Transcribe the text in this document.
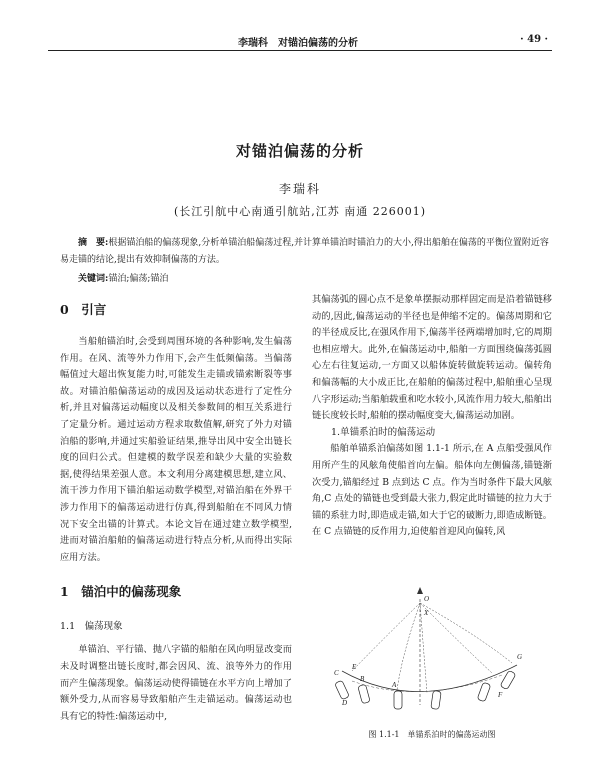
李瑞科　对锚泊偏荡的分析	· 49 ·
对锚泊偏荡的分析
李瑞科
(长江引航中心南通引航站,江苏 南通 226001)
摘　要:根据锚泊船的偏荡现象,分析单锚泊船偏荡过程,并计算单锚泊时锚泊力的大小,得出船舶在偏荡的平衡位置附近容易走锚的结论,提出有效抑制偏荡的方法。
关键词:锚泊;偏荡;锚泊
0　引言

当船舶锚泊时,会受到周围环境的各种影响,发生偏荡作用。在风、流等外力作用下,会产生低频偏荡。当偏荡幅值过大超出恢复能力时,可能发生走锚或锚索断裂等事故。对锚泊船偏荡运动的成因及运动状态进行了定性分析,并且对偏荡运动幅度以及相关参数间的相互关系进行了定量分析。通过运动方程求取数值解,研究了外力对锚泊船的影响,并通过实船验证结果,推导出风中安全出链长度的回归公式。但建模的数学误差和缺少大量的实验数据,使得结果差强人意。本文利用分离建模思想,建立风、流干涉力作用下锚泊船运动数学模型,对锚泊船在外界干涉力作用下的偏荡运动进行仿真,得到船舶在不同风力情况下安全出锚的计算式。本论文旨在通过建立数学模型,进而对锚泊船舶的偏荡运动进行特点分析,从而得出实际应用方法。

1　锚泊中的偏荡现象
1.1　偏荡现象

单锚泊、平行锚、抛八字锚的船舶在风向明显改变而未及时调整出链长度时,都会因风、流、浪等外力的作用而产生偏荡现象。偏荡运动使得锚链在水平方向上增加了额外受力,从而容易导致船舶产生走锚运动。偏荡运动也具有它的特性:偏荡运动中,

其偏荡弧的圆心点不是象单摆振动那样固定而是沿着锚链移动的,因此,偏荡运动的半径也是伸缩不定的。偏荡周期和它的半径成反比,在强风作用下,偏荡半径两端增加时,它的周期也相应增大。此外,在偏荡运动中,船舶一方面围绕偏荡弧圆心左右往复运动,一方面又以船体旋转做旋转运动。偏转角和偏荡幅的大小成正比,在船舶的偏荡过程中,船舶重心呈现八字形运动;当船舶载重和吃水较小,风流作用力较大,船舶出链长度较长时,船舶的摆动幅度变大,偏荡运动加剧。

1.单锚系泊时的偏荡运动

船舶单锚系泊偏荡如图 1.1-1 所示,在 A 点船受强风作用所产生的风舷角使船首向左偏。船体向左侧偏荡,锚链渐次受力,锚船经过 B 点到达 C 点。作为当时条件下最大风舷角,C 点处的锚链也受到最大张力,假定此时锚链的拉力大于锚的系驻力时,即造成走锚,如大于它的破断力,即造成断链。在 C 点锚链的反作用力,迫使船首迎风向偏转,风

O
X
A
B
C
D
E
F
G
图 1.1-1　单锚系泊时的偏荡运动图
